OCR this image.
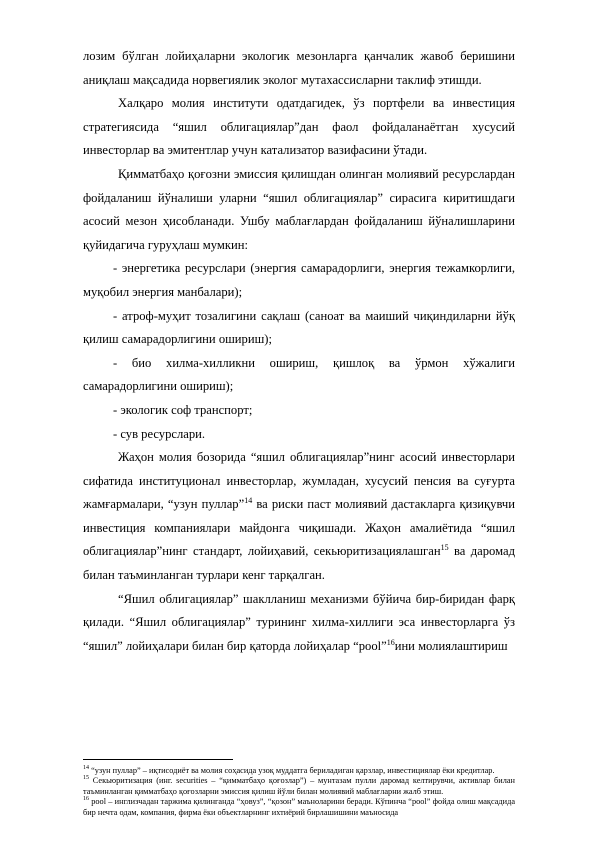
лозим бўлган лойиҳаларни экологик мезонларга қанчалик жавоб беришини аниқлаш мақсадида норвегиялик эколог мутахассисларни таклиф этишди.

Халқаро молия институти одатдагидек, ўз портфели ва инвестиция стратегиясида “яшил облигациялар”дан фаол фойдаланаётган хусусий инвесторлар ва эмитентлар учун катализатор вазифасини ўтади.

Қимматбаҳо қоғозни эмиссия қилишдан олинган молиявий ресурслардан фойдаланиш йўналиши уларни “яшил облигациялар” сирасига киритишдаги асосий мезон ҳисобланади. Ушбу маблағлардан фойдаланиш йўналишларини қуйидагича гуруҳлаш мумкин:

- энергетика ресурслари (энергия самарадорлиги, энергия тежамкорлиги, муқобил энергия манбалари);

- атроф-муҳит тозалигини сақлаш (саноат ва маиший чиқиндиларни йўқ қилиш самарадорлигини ошириш);

- био хилма-хилликни ошириш, қишлоқ ва ўрмон хўжалиги самарадорлигини ошириш);

- экологик соф транспорт;

- сув ресурслари.

Жаҳон молия бозорида “яшил облигациялар”нинг асосий инвесторлари сифатида институционал инвесторлар, жумладан, хусусий пенсия ва суғурта жамғармалари, “узун пуллар”$^{14}$ ва риски паст молиявий дастакларга қизиқувчи инвестиция компаниялари майдонга чиқишади. Жаҳон амалиётида “яшил облигациялар”нинг стандарт, лойиҳавий, секьюритизациялашган$^{15}$ ва даромад билан таъминланган турлари кенг тарқалган.

“Яшил облигациялар” шаклланиш механизми бўйича бир-биридан фарқ қилади. “Яшил облигациялар” турининг хилма-хиллиги эса инвесторларга ўз “яшил” лойиҳалари билан бир қаторда лойиҳалар “pool”$^{16}$ини молиялаштириш

$^{14}$ “узун пуллар” – иқтисодиёт ва молия соҳасида узоқ муддатга бериладиган қарзлар, инвестициялар ёки кредитлар.

$^{15}$ Секьюритизация (инг. securities – “қимматбаҳо қоғозлар”) – мунтазам пулли даромад келтирувчи, активлар билан таъминланган қимматбаҳо қоғозларни эмиссия қилиш йўли билан молиявий маблағларни жалб этиш.

$^{16}$ pool – инглизчадан таржима қилинганда “ҳовуз”, “қозон” маъноларини беради. Кўпинча “pool” фойда олиш мақсадида бир нечта одам, компания, фирма ёки объектларнинг ихтиёрий бирлашишини маъносида
